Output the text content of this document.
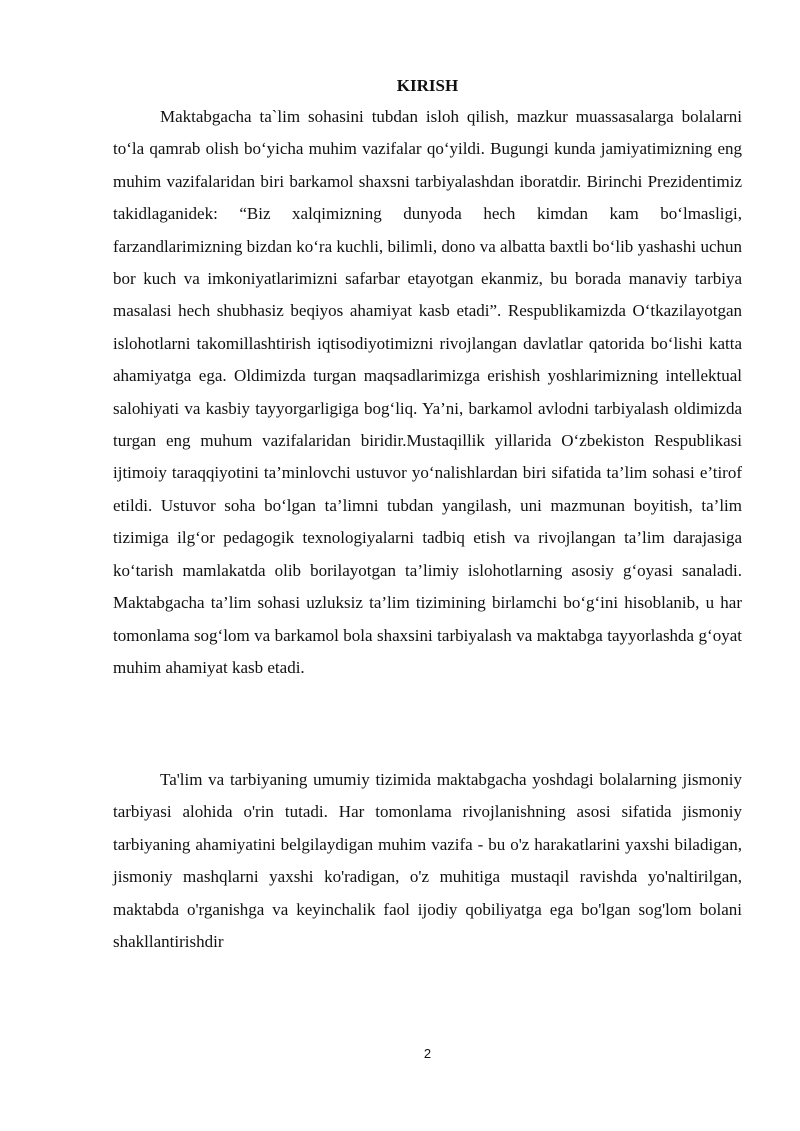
KIRISH

Maktabgacha ta`lim sohasini tubdan isloh qilish, mazkur muassasalarga bolalarni to‘la qamrab olish bo‘yicha muhim vazifalar qo‘yildi. Bugungi kunda jamiyatimizning eng muhim vazifalaridan biri barkamol shaxsni tarbiyalashdan iboratdir. Birinchi Prezidentimiz takidlaganidek: “Biz xalqimizning dunyoda hech kimdan kam bo‘lmasligi, farzandlarimizning bizdan ko‘ra kuchli, bilimli, dono va albatta baxtli bo‘lib yashashi uchun bor kuch va imkoniyatlarimizni safarbar etayotgan ekanmiz, bu borada manaviy tarbiya masalasi hech shubhasiz beqiyos ahamiyat kasb etadi”. Respublikamizda O‘tkazilayotgan islohotlarni takomillashtirish iqtisodiyotimizni rivojlangan davlatlar qatorida bo‘lishi katta ahamiyatga ega. Oldimizda turgan maqsadlarimizga erishish yoshlarimizning intellektual salohiyati va kasbiy tayyorgarligiga bog‘liq. Ya’ni, barkamol avlodni tarbiyalash oldimizda turgan eng muhum vazifalaridan biridir.Mustaqillik yillarida O‘zbekiston Respublikasi ijtimoiy taraqqiyotini ta’minlovchi ustuvor yo‘nalishlardan biri sifatida ta’lim sohasi e’tirof etildi. Ustuvor soha bo‘lgan ta’limni tubdan yangilash, uni mazmunan boyitish, ta’lim tizimiga ilg‘or pedagogik texnologiyalarni tadbiq etish va rivojlangan ta’lim darajasiga ko‘tarish mamlakatda olib borilayotgan ta’limiy islohotlarning asosiy g‘oyasi sanaladi. Maktabgacha ta’lim sohasi uzluksiz ta’lim tizimining birlamchi bo‘g‘ini hisoblanib, u har tomonlama sog‘lom va barkamol bola shaxsini tarbiyalash va maktabga tayyorlashda g‘oyat muhim ahamiyat kasb etadi.

Ta'lim va tarbiyaning umumiy tizimida maktabgacha yoshdagi bolalarning jismoniy tarbiyasi alohida o'rin tutadi. Har tomonlama rivojlanishning asosi sifatida jismoniy tarbiyaning ahamiyatini belgilaydigan muhim vazifa - bu o'z harakatlarini yaxshi biladigan, jismoniy mashqlarni yaxshi ko'radigan, o'z muhitiga mustaqil ravishda yo'naltirilgan, maktabda o'rganishga va keyinchalik faol ijodiy qobiliyatga ega bo'lgan sog'lom bolani shakllantirishdir

2
